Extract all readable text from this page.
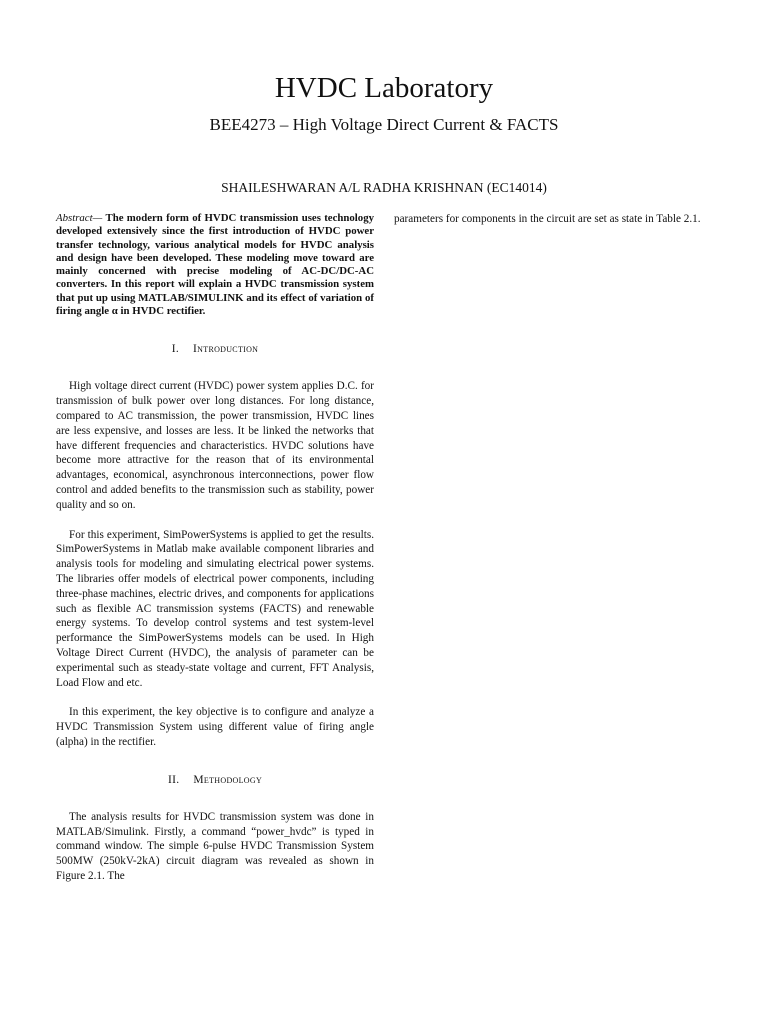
HVDC Laboratory
BEE4273 – High Voltage Direct Current & FACTS
SHAILESHWARAN A/L RADHA KRISHNAN (EC14014)

Abstract— The modern form of HVDC transmission uses technology developed extensively since the first introduction of HVDC power transfer technology, various analytical models for HVDC analysis and design have been developed. These modeling move toward are mainly concerned with precise modeling of AC-DC/DC-AC converters. In this report will explain a HVDC transmission system that put up using MATLAB/SIMULINK and its effect of variation of firing angle α in HVDC rectifier.

I. Introduction

High voltage direct current (HVDC) power system applies D.C. for transmission of bulk power over long distances. For long distance, compared to AC transmission, the power transmission, HVDC lines are less expensive, and losses are less. It be linked the networks that have different frequencies and characteristics. HVDC solutions have become more attractive for the reason that of its environmental advantages, economical, asynchronous interconnections, power flow control and added benefits to the transmission such as stability, power quality and so on.

For this experiment, SimPowerSystems is applied to get the results. SimPowerSystems in Matlab make available component libraries and analysis tools for modeling and simulating electrical power systems. The libraries offer models of electrical power components, including three-phase machines, electric drives, and components for applications such as flexible AC transmission systems (FACTS) and renewable energy systems. To develop control systems and test system-level performance the SimPowerSystems models can be used. In High Voltage Direct Current (HVDC), the analysis of parameter can be experimental such as steady-state voltage and current, FFT Analysis, Load Flow and etc.

In this experiment, the key objective is to configure and analyze a HVDC Transmission System using different value of firing angle (alpha) in the rectifier.

II. Methodology

The analysis results for HVDC transmission system was done in MATLAB/Simulink. Firstly, a command “power_hvdc” is typed in command window. The simple 6-pulse HVDC Transmission System 500MW (250kV-2kA) circuit diagram was revealed as shown in Figure 2.1. The

parameters for components in the circuit are set as state in Table 2.1.
